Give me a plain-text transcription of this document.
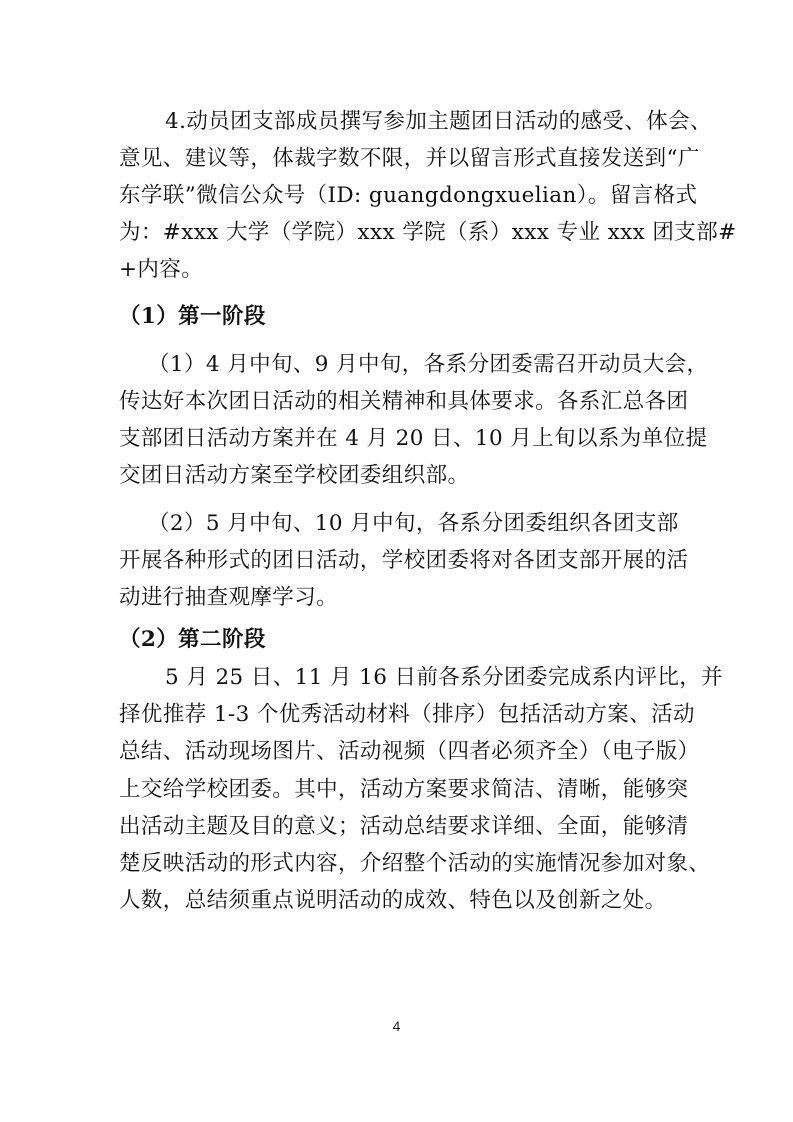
4.动员团支部成员撰写参加主题团日活动的感受、体会、
意见、建议等，体裁字数不限，并以留言形式直接发送到“广
东学联”微信公众号（ID: guangdongxuelian）。留言格式
为：#xxx 大学（学院）xxx 学院（系）xxx 专业 xxx 团支部#
+内容。
（1）第一阶段
（1）4 月中旬、9 月中旬，各系分团委需召开动员大会，
传达好本次团日活动的相关精神和具体要求。各系汇总各团
支部团日活动方案并在 4 月 20 日、10 月上旬以系为单位提
交团日活动方案至学校团委组织部。
（2）5 月中旬、10 月中旬，各系分团委组织各团支部
开展各种形式的团日活动，学校团委将对各团支部开展的活
动进行抽查观摩学习。
（2）第二阶段
5 月 25 日、11 月 16 日前各系分团委完成系内评比，并
择优推荐 1-3 个优秀活动材料（排序）包括活动方案、活动
总结、活动现场图片、活动视频（四者必须齐全）（电子版）
上交给学校团委。其中，活动方案要求简洁、清晰，能够突
出活动主题及目的意义；活动总结要求详细、全面，能够清
楚反映活动的形式内容，介绍整个活动的实施情况参加对象、
人数，总结须重点说明活动的成效、特色以及创新之处。
4
